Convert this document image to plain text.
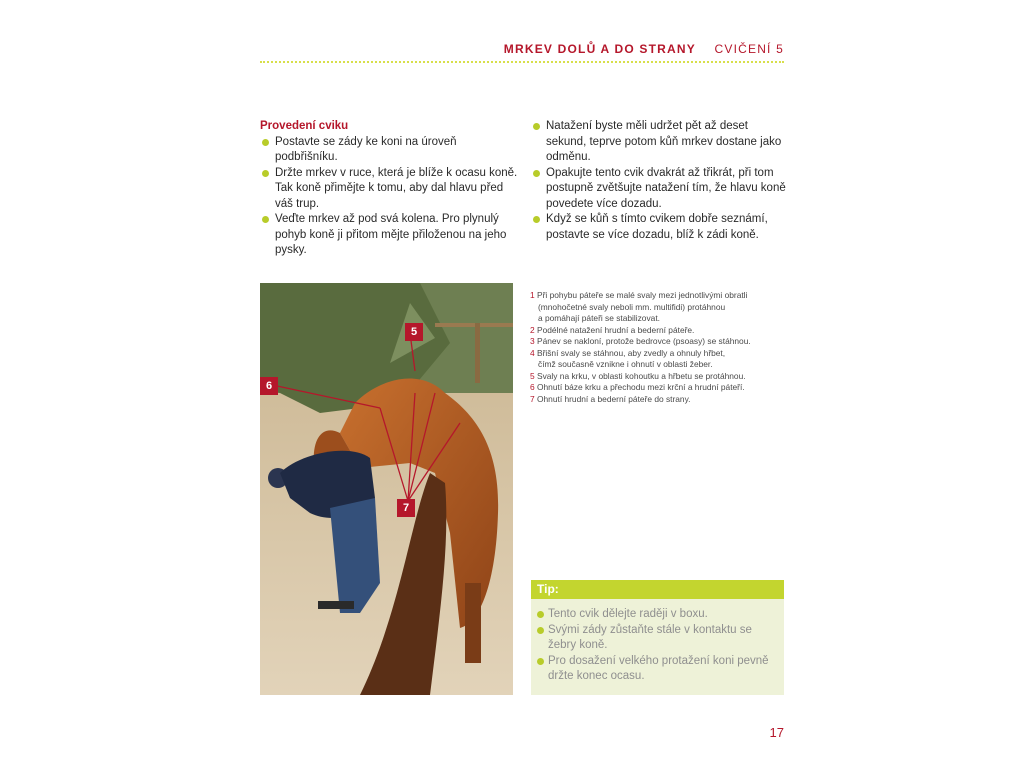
MRKEV DOLŮ A DO STRANY CVIČENÍ 5
Provedení cviku
Postavte se zády ke koni na úroveň podbřišníku.
Držte mrkev v ruce, která je blíže k ocasu koně.
Tak koně přimějte k tomu, aby dal hlavu před
váš trup.
Veďte mrkev až pod svá kolena. Pro plynulý
pohyb koně ji přitom mějte přiloženou na jeho
pysky.
Natažení byste měli udržet pět až deset
sekund, teprve potom kůň mrkev dostane jako
odměnu.
Opakujte tento cvik dvakrát až třikrát, při tom
postupně zvětšujte natažení tím, že hlavu koně
povedete více dozadu.
Když se kůň s tímto cvikem dobře seznámí,
postavte se více dozadu, blíž k zádi koně.
5
6
7
1 Při pohybu páteře se malé svaly mezi jednotlivými obratli
(mnohočetné svaly neboli mm. multifidi) protáhnou
a pomáhají páteři se stabilizovat.
2 Podélné natažení hrudní a bederní páteře.
3 Pánev se nakloní, protože bedrovce (psoasy) se stáhnou.
4 Břišní svaly se stáhnou, aby zvedly a ohnuly hřbet,
čímž současně vznikne i ohnutí v oblasti žeber.
5 Svaly na krku, v oblasti kohoutku a hřbetu se protáhnou.
6 Ohnutí báze krku a přechodu mezi krční a hrudní páteří.
7 Ohnutí hrudní a bederní páteře do strany.
Tip:
Tento cvik dělejte raději v boxu.
Svými zády zůstaňte stále v kontaktu se
žebry koně.
Pro dosažení velkého protažení koni pevně
držte konec ocasu.
17
